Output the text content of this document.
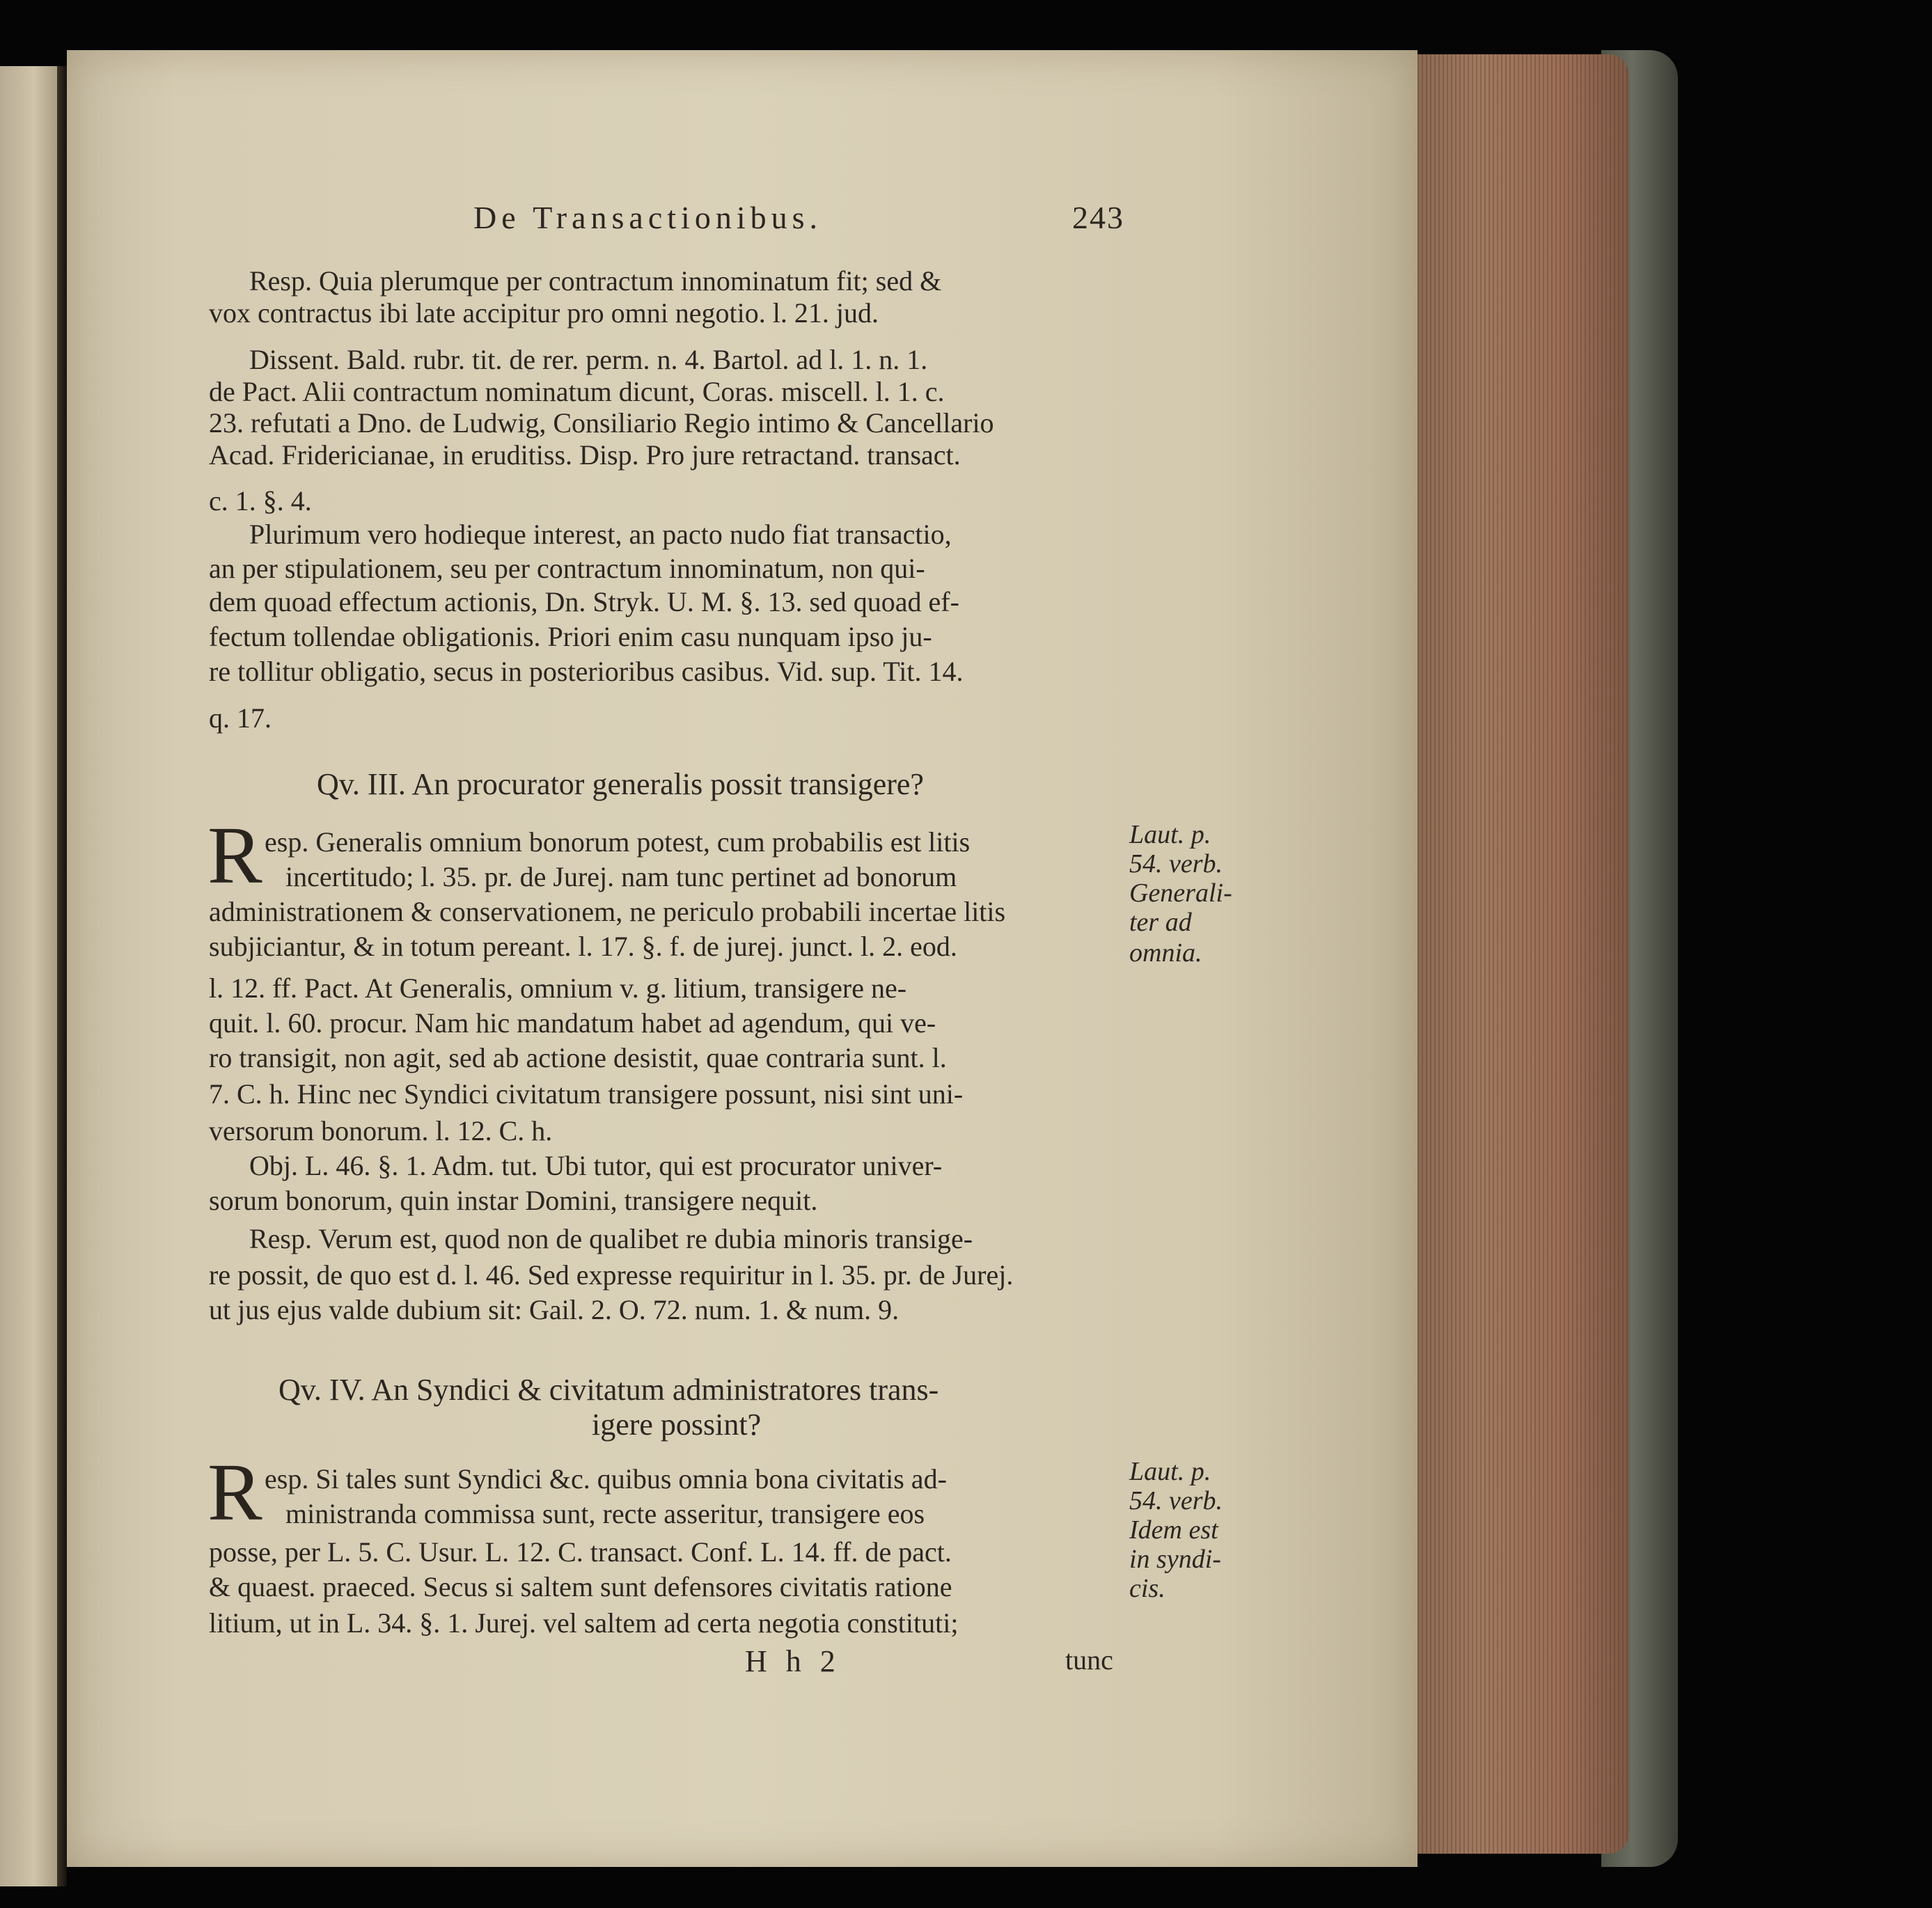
De Transactionibus.	243
Resp. Quia plerumque per contractum innominatum fit; sed &
vox contractus ibi late accipitur pro omni negotio. l. 21. jud.
Dissent. Bald. rubr. tit. de rer. perm. n. 4. Bartol. ad l. 1. n. 1.
de Pact. Alii contractum nominatum dicunt, Coras. miscell. l. 1. c.
23. refutati a Dno. de Ludwig, Consiliario Regio intimo & Cancellario
Acad. Fridericianae, in eruditiss. Disp. Pro jure retractand. transact.
c. 1. §. 4.
Plurimum vero hodieque interest, an pacto nudo fiat transactio,
an per stipulationem, seu per contractum innominatum, non qui-
dem quoad effectum actionis, Dn. Stryk. U. M. §. 13. sed quoad ef-
fectum tollendae obligationis. Priori enim casu nunquam ipso ju-
re tollitur obligatio, secus in posterioribus casibus. Vid. sup. Tit. 14.
q. 17.
Qv. III. An procurator generalis possit transigere?
R esp. Generalis omnium bonorum potest, cum probabilis est litis
incertitudo; l. 35. pr. de Jurej. nam tunc pertinet ad bonorum
administrationem & conservationem, ne periculo probabili incertae litis
subjiciantur, & in totum pereant. l. 17. §. f. de jurej. junct. l. 2. eod.
l. 12. ff. Pact. At Generalis, omnium v. g. litium, transigere ne-
quit. l. 60. procur. Nam hic mandatum habet ad agendum, qui ve-
ro transigit, non agit, sed ab actione desistit, quae contraria sunt. l.
7. C. h. Hinc nec Syndici civitatum transigere possunt, nisi sint uni-
versorum bonorum. l. 12. C. h.
Obj. L. 46. §. 1. Adm. tut. Ubi tutor, qui est procurator univer-
sorum bonorum, quin instar Domini, transigere nequit.
Resp. Verum est, quod non de qualibet re dubia minoris transige-
re possit, de quo est d. l. 46. Sed expresse requiritur in l. 35. pr. de Jurej.
ut jus ejus valde dubium sit: Gail. 2. O. 72. num. 1. & num. 9.
Qv. IV. An Syndici & civitatum administratores trans-
igere possint?
R esp. Si tales sunt Syndici &c. quibus omnia bona civitatis ad-
ministranda commissa sunt, recte asseritur, transigere eos
posse, per L. 5. C. Usur. L. 12. C. transact. Conf. L. 14. ff. de pact.
& quaest. praeced. Secus si saltem sunt defensores civitatis ratione
litium, ut in L. 34. §. 1. Jurej. vel saltem ad certa negotia constituti;
H h 2	tunc
Laut. p.
54. verb.
Generali-
ter ad
omnia.
Laut. p.
54. verb.
Idem est
in syndi-
cis.
